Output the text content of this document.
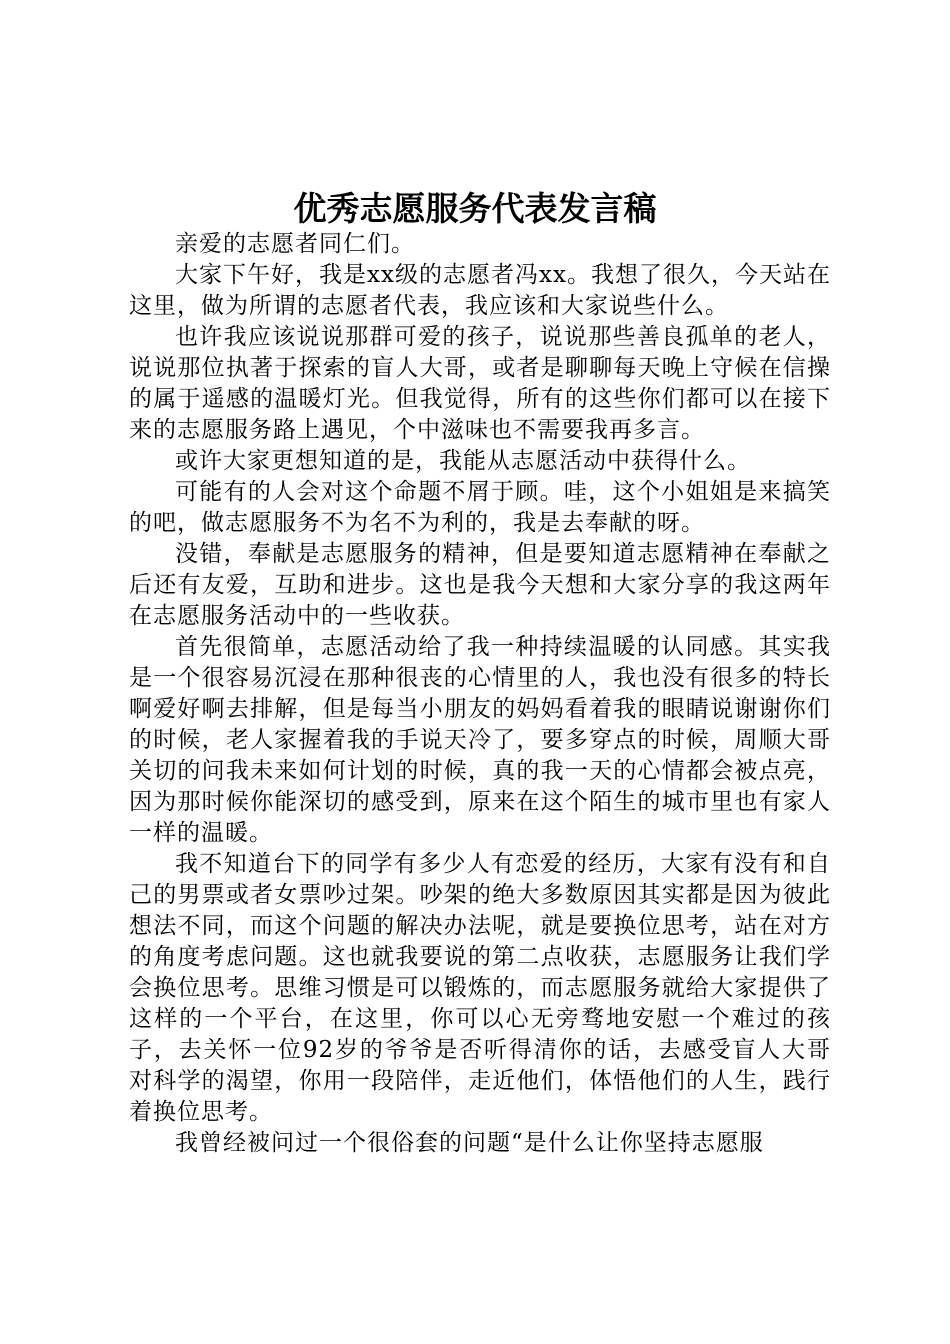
优秀志愿服务代表发言稿

亲爱的志愿者同仁们。

大家下午好，我是xx级的志愿者冯xx。我想了很久，今天站在这里，做为所谓的志愿者代表，我应该和大家说些什么。

也许我应该说说那群可爱的孩子，说说那些善良孤单的老人，说说那位执著于探索的盲人大哥，或者是聊聊每天晚上守候在信操的属于遥感的温暖灯光。但我觉得，所有的这些你们都可以在接下来的志愿服务路上遇见，个中滋味也不需要我再多言。

或许大家更想知道的是，我能从志愿活动中获得什么。

可能有的人会对这个命题不屑于顾。哇，这个小姐姐是来搞笑的吧，做志愿服务不为名不为利的，我是去奉献的呀。

没错，奉献是志愿服务的精神，但是要知道志愿精神在奉献之后还有友爱，互助和进步。这也是我今天想和大家分享的我这两年在志愿服务活动中的一些收获。

首先很简单，志愿活动给了我一种持续温暖的认同感。其实我是一个很容易沉浸在那种很丧的心情里的人，我也没有很多的特长啊爱好啊去排解，但是每当小朋友的妈妈看着我的眼睛说谢谢你们的时候，老人家握着我的手说天冷了，要多穿点的时候，周顺大哥关切的问我未来如何计划的时候，真的我一天的心情都会被点亮，因为那时候你能深切的感受到，原来在这个陌生的城市里也有家人一样的温暖。

我不知道台下的同学有多少人有恋爱的经历，大家有没有和自己的男票或者女票吵过架。吵架的绝大多数原因其实都是因为彼此想法不同，而这个问题的解决办法呢，就是要换位思考，站在对方的角度考虑问题。这也就我要说的第二点收获，志愿服务让我们学会换位思考。思维习惯是可以锻炼的，而志愿服务就给大家提供了这样的一个平台，在这里，你可以心无旁骛地安慰一个难过的孩子，去关怀一位92岁的爷爷是否听得清你的话，去感受盲人大哥对科学的渴望，你用一段陪伴，走近他们，体悟他们的人生，践行着换位思考。

我曾经被问过一个很俗套的问题“是什么让你坚持志愿服
